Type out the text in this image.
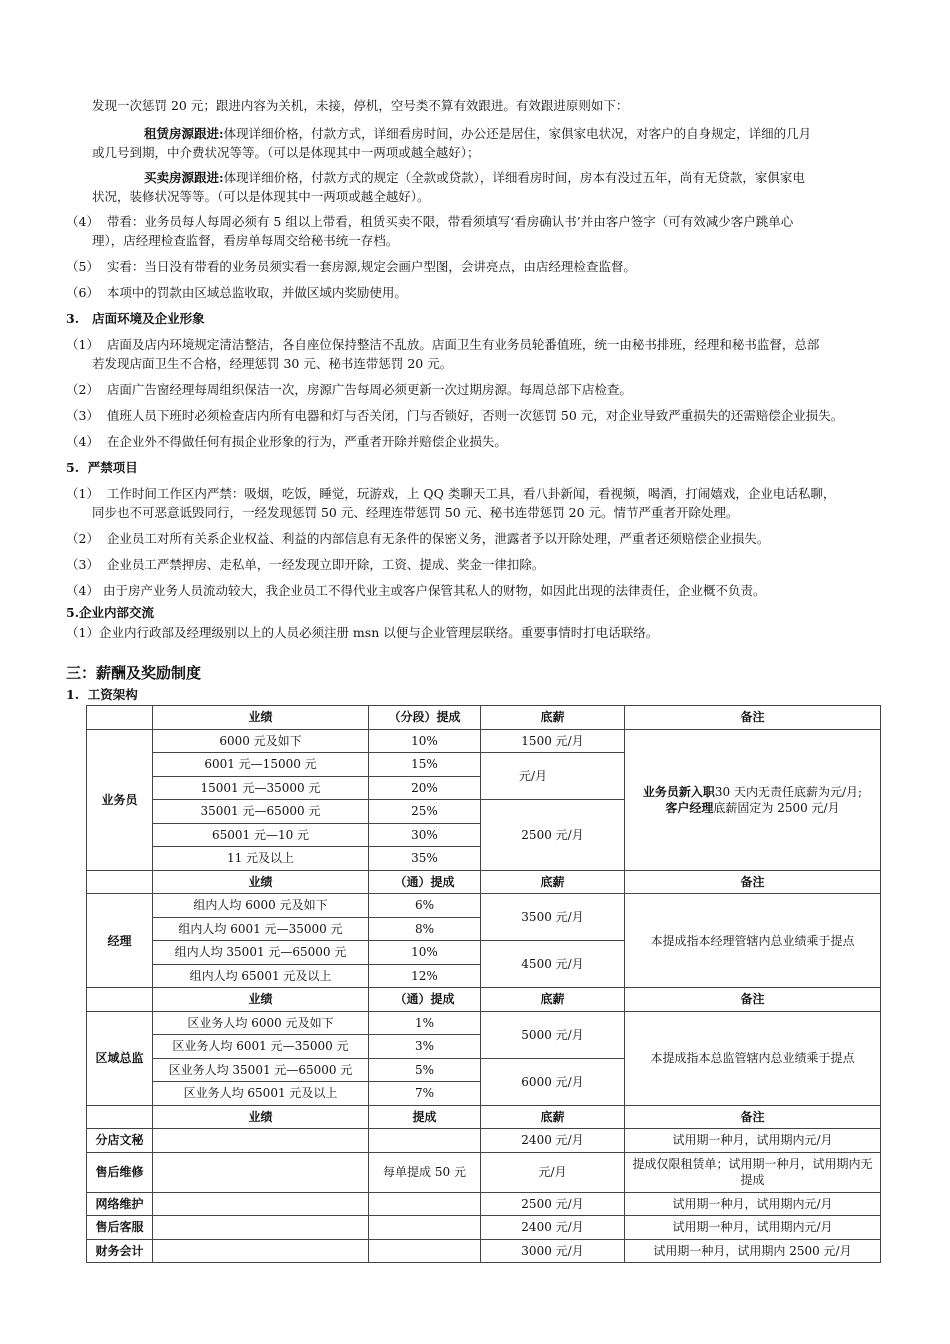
发现一次惩罚 20 元；跟进内容为关机，未接，停机，空号类不算有效跟进。有效跟进原则如下：
租赁房源跟进:体现详细价格，付款方式，详细看房时间，办公还是居住，家俱家电状况，对客户的自身规定，详细的几月
或几号到期，中介费状况等等。（可以是体现其中一两项或越全越好）；
买卖房源跟进:体现详细价格，付款方式的规定（全款或贷款），详细看房时间，房本有没过五年，尚有无贷款，家俱家电
状况，装修状况等等。（可以是体现其中一两项或越全越好）。
（4） 带看：业务员每人每周必须有 5 组以上带看，租赁买卖不限，带看须填写‘看房确认书’并由客户签字（可有效减少客户跳单心
理），店经理检查监督，看房单每周交给秘书统一存档。
（5） 实看：当日没有带看的业务员须实看一套房源,规定会画户型图，会讲亮点，由店经理检查监督。
（6） 本项中的罚款由区域总监收取，并做区域内奖励使用。
3.   店面环境及企业形象
（1） 店面及店内环境规定清洁整洁，各自座位保持整洁不乱放。店面卫生有业务员轮番值班，统一由秘书排班，经理和秘书监督，总部
若发现店面卫生不合格，经理惩罚 30 元、秘书连带惩罚 20 元。
（2） 店面广告窗经理每周组织保洁一次，房源广告每周必须更新一次过期房源。每周总部下店检查。
（3） 值班人员下班时必须检查店内所有电器和灯与否关闭，门与否锁好，否则一次惩罚 50 元，对企业导致严重损失的还需赔偿企业损失。
（4） 在企业外不得做任何有损企业形象的行为，严重者开除并赔偿企业损失。
5.  严禁项目
（1） 工作时间工作区内严禁：吸烟，吃饭，睡觉，玩游戏，上 QQ 类聊天工具，看八卦新闻，看视频，喝酒，打闹嬉戏，企业电话私聊，
同步也不可恶意诋毁同行，一经发现惩罚 50 元、经理连带惩罚 50 元、秘书连带惩罚 20 元。情节严重者开除处理。
（2） 企业员工对所有关系企业权益、利益的内部信息有无条件的保密义务，泄露者予以开除处理，严重者还须赔偿企业损失。
（3） 企业员工严禁押房、走私单，一经发现立即开除，工资、提成、奖金一律扣除。
（4） 由于房产业务人员流动较大，我企业员工不得代业主或客户保管其私人的财物，如因此出现的法律责任，企业概不负责。
5.企业内部交流
（1）企业内行政部及经理级别以上的人员必须注册 msn 以便与企业管理层联络。重要事情时打电话联络。
三：薪酬及奖励制度
1.  工资架构
	业绩	（分段）提成	底薪	备注
业务员	6000 元及如下	10%	1500 元/月	业务员新入职30 天内无责任底薪为元/月;
客户经理底薪固定为 2500 元/月
	6001 元—15000 元	15%	元/月	
	15001 元—35000 元	20%		
	35001 元—65000 元	25%	2500 元/月	
	65001 元—10 元	30%		
	11 元及以上	35%		
	业绩	（通）提成	底薪	备注
经理	组内人均 6000 元及如下	6%	3500 元/月	本提成指本经理管辖内总业绩乘于提点
	组内人均 6001 元—35000 元	8%		
	组内人均 35001 元—65000 元	10%	4500 元/月	
	组内人均 65001 元及以上	12%		
	业绩	（通）提成	底薪	备注
区域总监	区业务人均 6000 元及如下	1%	5000 元/月	本提成指本总监管辖内总业绩乘于提点
	区业务人均 6001 元—35000 元	3%		
	区业务人均 35001 元—65000 元	5%	6000 元/月	
	区业务人均 65001 元及以上	7%		
	业绩	提成	底薪	备注
分店文秘			2400 元/月	试用期一种月，试用期内元/月
售后维修		每单提成 50 元	元/月	提成仅限租赁单；试用期一种月，试用期内无提成
网络维护			2500 元/月	试用期一种月，试用期内元/月
售后客服			2400 元/月	试用期一种月，试用期内元/月
财务会计			3000 元/月	试用期一种月，试用期内 2500 元/月
